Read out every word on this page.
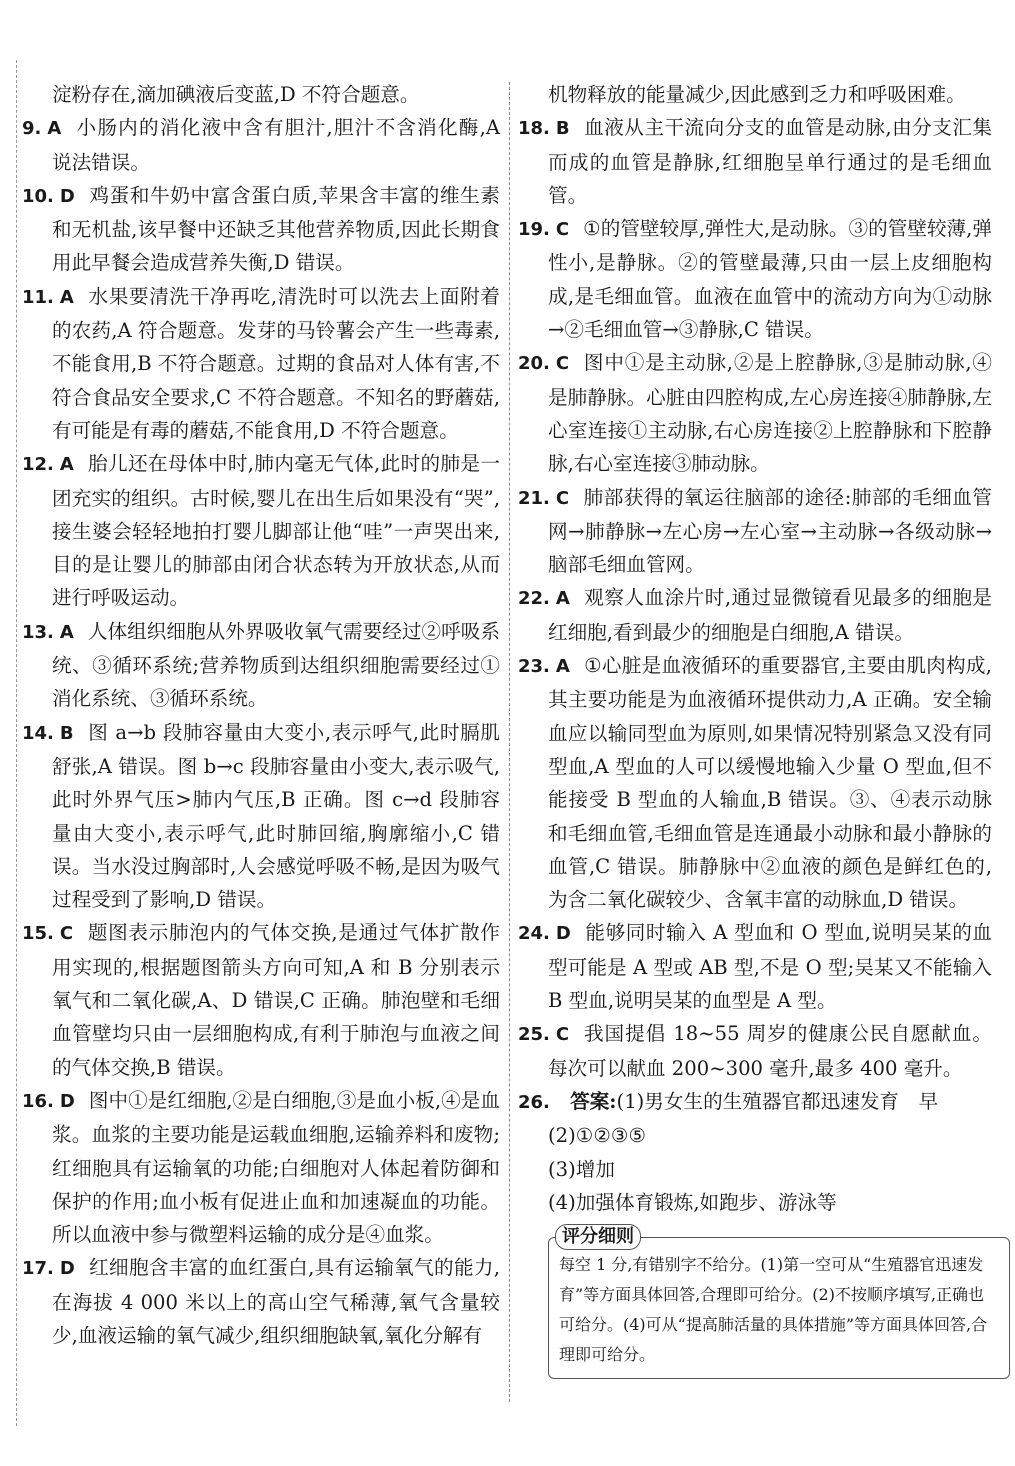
淀粉存在,滴加碘液后变蓝,D 不符合题意。

9. A 小肠内的消化液中含有胆汁,胆汁不含消化酶,A 说法错误。
10. D 鸡蛋和牛奶中富含蛋白质,苹果含丰富的维生素和无机盐,该早餐中还缺乏其他营养物质,因此长期食用此早餐会造成营养失衡,D 错误。
11. A 水果要清洗干净再吃,清洗时可以洗去上面附着的农药,A 符合题意。发芽的马铃薯会产生一些毒素,不能食用,B 不符合题意。过期的食品对人体有害,不符合食品安全要求,C 不符合题意。不知名的野蘑菇,有可能是有毒的蘑菇,不能食用,D 不符合题意。
12. A 胎儿还在母体中时,肺内毫无气体,此时的肺是一团充实的组织。古时候,婴儿在出生后如果没有“哭”,接生婆会轻轻地拍打婴儿脚部让他“哇”一声哭出来,目的是让婴儿的肺部由闭合状态转为开放状态,从而进行呼吸运动。
13. A 人体组织细胞从外界吸收氧气需要经过②呼吸系统、③循环系统;营养物质到达组织细胞需要经过①消化系统、③循环系统。
14. B 图 a→b 段肺容量由大变小,表示呼气,此时膈肌舒张,A 错误。图 b→c 段肺容量由小变大,表示吸气,此时外界气压>肺内气压,B 正确。图 c→d 段肺容量由大变小,表示呼气,此时肺回缩,胸廓缩小,C 错误。当水没过胸部时,人会感觉呼吸不畅,是因为吸气过程受到了影响,D 错误。
15. C 题图表示肺泡内的气体交换,是通过气体扩散作用实现的,根据题图箭头方向可知,A 和 B 分别表示氧气和二氧化碳,A、D 错误,C 正确。肺泡壁和毛细血管壁均只由一层细胞构成,有利于肺泡与血液之间的气体交换,B 错误。
16. D 图中①是红细胞,②是白细胞,③是血小板,④是血浆。血浆的主要功能是运载血细胞,运输养料和废物;红细胞具有运输氧的功能;白细胞对人体起着防御和保护的作用;血小板有促进止血和加速凝血的功能。所以血液中参与微塑料运输的成分是④血浆。
17. D 红细胞含丰富的血红蛋白,具有运输氧气的能力,在海拔 4 000 米以上的高山空气稀薄,氧气含量较少,血液运输的氧气减少,组织细胞缺氧,氧化分解有

机物释放的能量减少,因此感到乏力和呼吸困难。

18. B 血液从主干流向分支的血管是动脉,由分支汇集而成的血管是静脉,红细胞呈单行通过的是毛细血管。
19. C ①的管壁较厚,弹性大,是动脉。③的管壁较薄,弹性小,是静脉。②的管壁最薄,只由一层上皮细胞构成,是毛细血管。血液在血管中的流动方向为①动脉→②毛细血管→③静脉,C 错误。
20. C 图中①是主动脉,②是上腔静脉,③是肺动脉,④是肺静脉。心脏由四腔构成,左心房连接④肺静脉,左心室连接①主动脉,右心房连接②上腔静脉和下腔静脉,右心室连接③肺动脉。
21. C 肺部获得的氧运往脑部的途径:肺部的毛细血管网→肺静脉→左心房→左心室→主动脉→各级动脉→脑部毛细血管网。
22. A 观察人血涂片时,通过显微镜看见最多的细胞是红细胞,看到最少的细胞是白细胞,A 错误。
23. A ①心脏是血液循环的重要器官,主要由肌肉构成,其主要功能是为血液循环提供动力,A 正确。安全输血应以输同型血为原则,如果情况特别紧急又没有同型血,A 型血的人可以缓慢地输入少量 O 型血,但不能接受 B 型血的人输血,B 错误。③、④表示动脉和毛细血管,毛细血管是连通最小动脉和最小静脉的血管,C 错误。肺静脉中②血液的颜色是鲜红色的,为含二氧化碳较少、含氧丰富的动脉血,D 错误。
24. D 能够同时输入 A 型血和 O 型血,说明吴某的血型可能是 A 型或 AB 型,不是 O 型;吴某又不能输入 B 型血,说明吴某的血型是 A 型。
25. C 我国提倡 18~55 周岁的健康公民自愿献血。每次可以献血 200~300 毫升,最多 400 毫升。
26. 答案:(1)男女生的生殖器官都迅速发育　早

(2)①②③⑤

(3)增加

(4)加强体育锻炼,如跑步、游泳等

评分细则
每空 1 分,有错别字不给分。(1)第一空可从“生殖器官迅速发育”等方面具体回答,合理即可给分。(2)不按顺序填写,正确也可给分。(4)可从“提高肺活量的具体措施”等方面具体回答,合理即可给分。
